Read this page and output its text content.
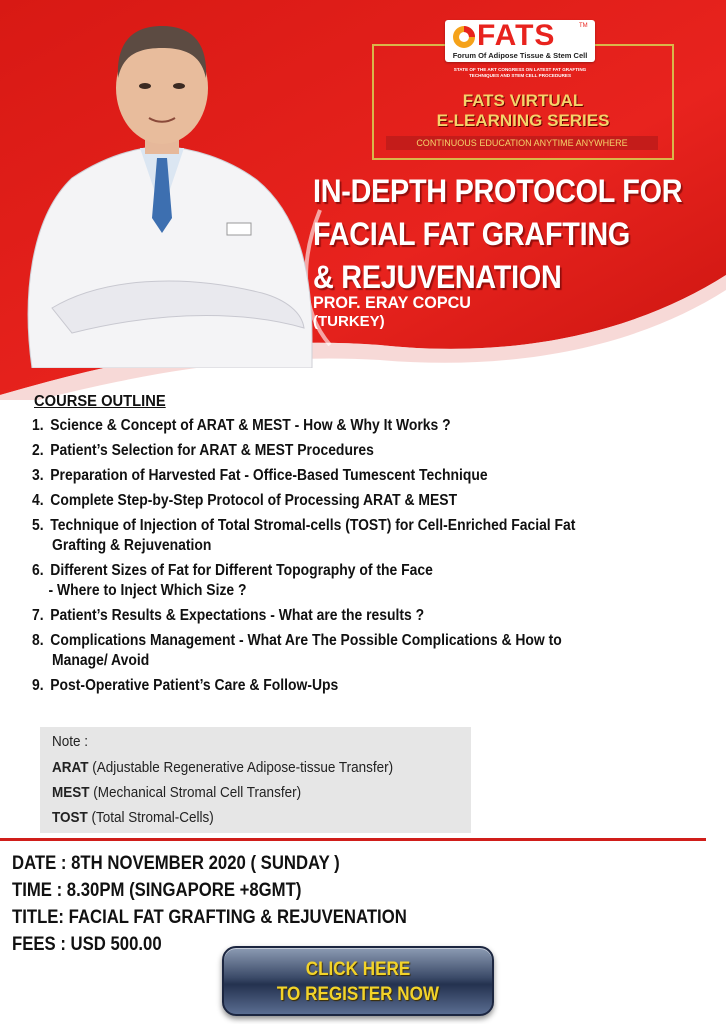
FATS	TM
Forum Of Adipose Tissue & Stem Cell
STATE OF THE ART CONGRESS ON LATEST FAT GRAFTING TECHNIQUES AND STEM CELL PROCEDURES
FATS VIRTUAL
E-LEARNING SERIES
CONTINUOUS EDUCATION ANYTIME ANYWHERE
IN-DEPTH PROTOCOL FOR
FACIAL FAT GRAFTING
& REJUVENATION
PROF. ERAY COPCU
(TURKEY)
COURSE OUTLINE
1. Science & Concept of ARAT & MEST - How & Why It Works ?
2. Patient’s Selection for ARAT & MEST Procedures
3. Preparation of Harvested Fat - Office-Based Tumescent Technique
4. Complete Step-by-Step Protocol of Processing ARAT & MEST
5. Technique of Injection of Total Stromal-cells (TOST) for Cell-Enriched Facial Fat
Grafting & Rejuvenation
6. Different Sizes of Fat for Different Topography of the Face
- Where to Inject Which Size ?
7. Patient’s Results & Expectations - What are the results ?
8. Complications Management - What Are The Possible Complications & How to
Manage/ Avoid
9. Post-Operative Patient’s Care & Follow-Ups
Note :
ARAT (Adjustable Regenerative Adipose-tissue Transfer)
MEST (Mechanical Stromal Cell Transfer)
TOST (Total Stromal-Cells)
DATE : 8TH NOVEMBER 2020 ( SUNDAY )
TIME : 8.30PM (SINGAPORE +8GMT)
TITLE: FACIAL FAT GRAFTING & REJUVENATION
FEES : USD 500.00
CLICK HERE
TO REGISTER NOW
